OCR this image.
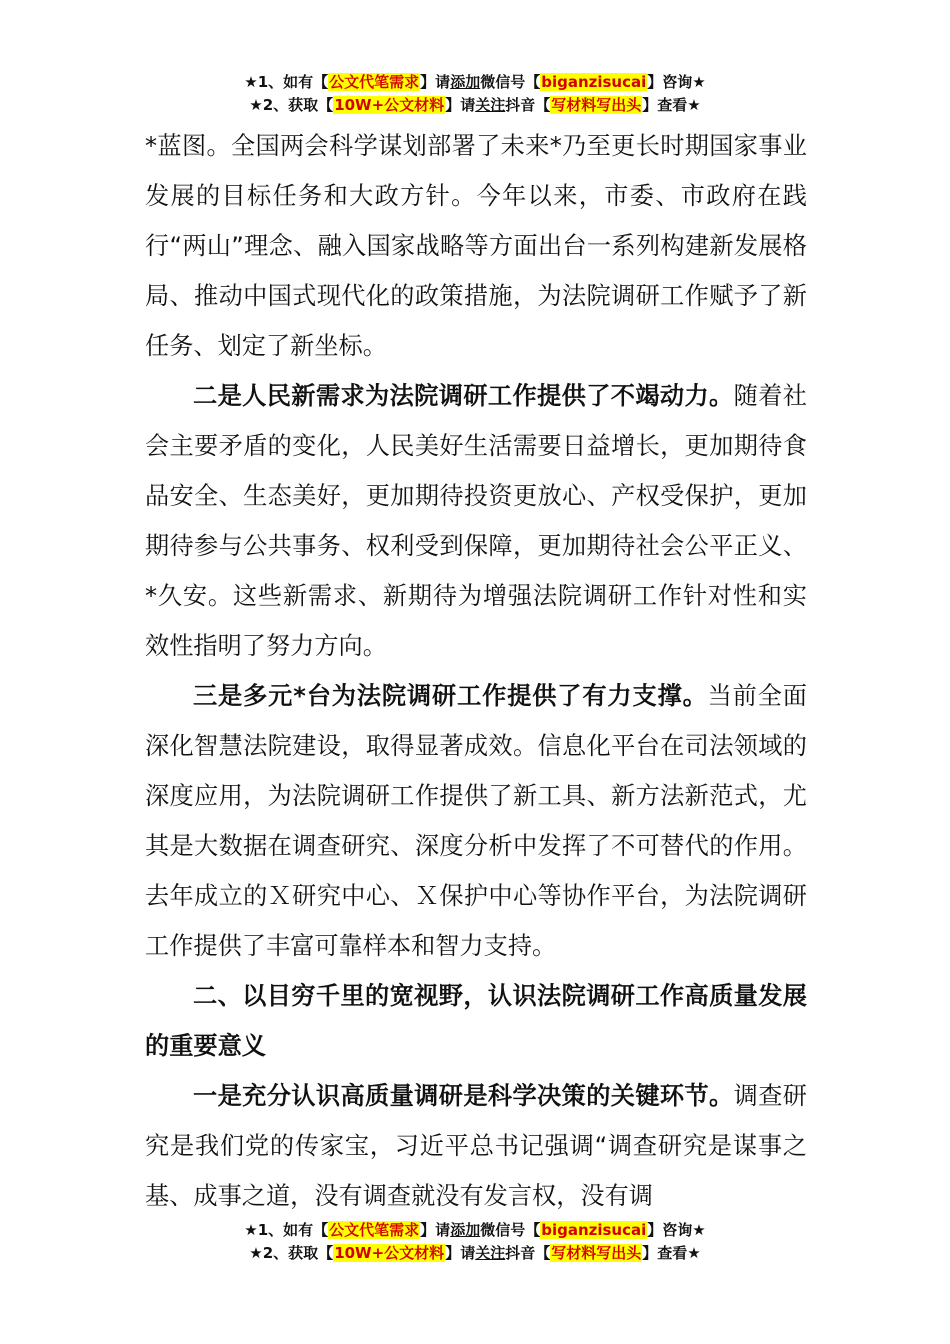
★1、如有【公文代笔需求】请添加微信号【biganzisucai】咨询★
★2、获取【10W+公文材料】请关注抖音【写材料写出头】查看★

*蓝图。全国两会科学谋划部署了未来*乃至更长时期国家事业发展的目标任务和大政方针。今年以来，市委、市政府在践行“两山”理念、融入国家战略等方面出台一系列构建新发展格局、推动中国式现代化的政策措施，为法院调研工作赋予了新任务、划定了新坐标。

二是人民新需求为法院调研工作提供了不竭动力。随着社会主要矛盾的变化，人民美好生活需要日益增长，更加期待食品安全、生态美好，更加期待投资更放心、产权受保护，更加期待参与公共事务、权利受到保障，更加期待社会公平正义、*久安。这些新需求、新期待为增强法院调研工作针对性和实效性指明了努力方向。

三是多元*台为法院调研工作提供了有力支撑。当前全面深化智慧法院建设，取得显著成效。信息化平台在司法领域的深度应用，为法院调研工作提供了新工具、新方法新范式，尤其是大数据在调查研究、深度分析中发挥了不可替代的作用。去年成立的Ｘ研究中心、Ｘ保护中心等协作平台，为法院调研工作提供了丰富可靠样本和智力支持。

二、以目穷千里的宽视野，认识法院调研工作高质量发展的重要意义

一是充分认识高质量调研是科学决策的关键环节。调查研究是我们党的传家宝，习近平总书记强调“调查研究是谋事之基、成事之道，没有调查就没有发言权，没有调

★1、如有【公文代笔需求】请添加微信号【biganzisucai】咨询★
★2、获取【10W+公文材料】请关注抖音【写材料写出头】查看★
